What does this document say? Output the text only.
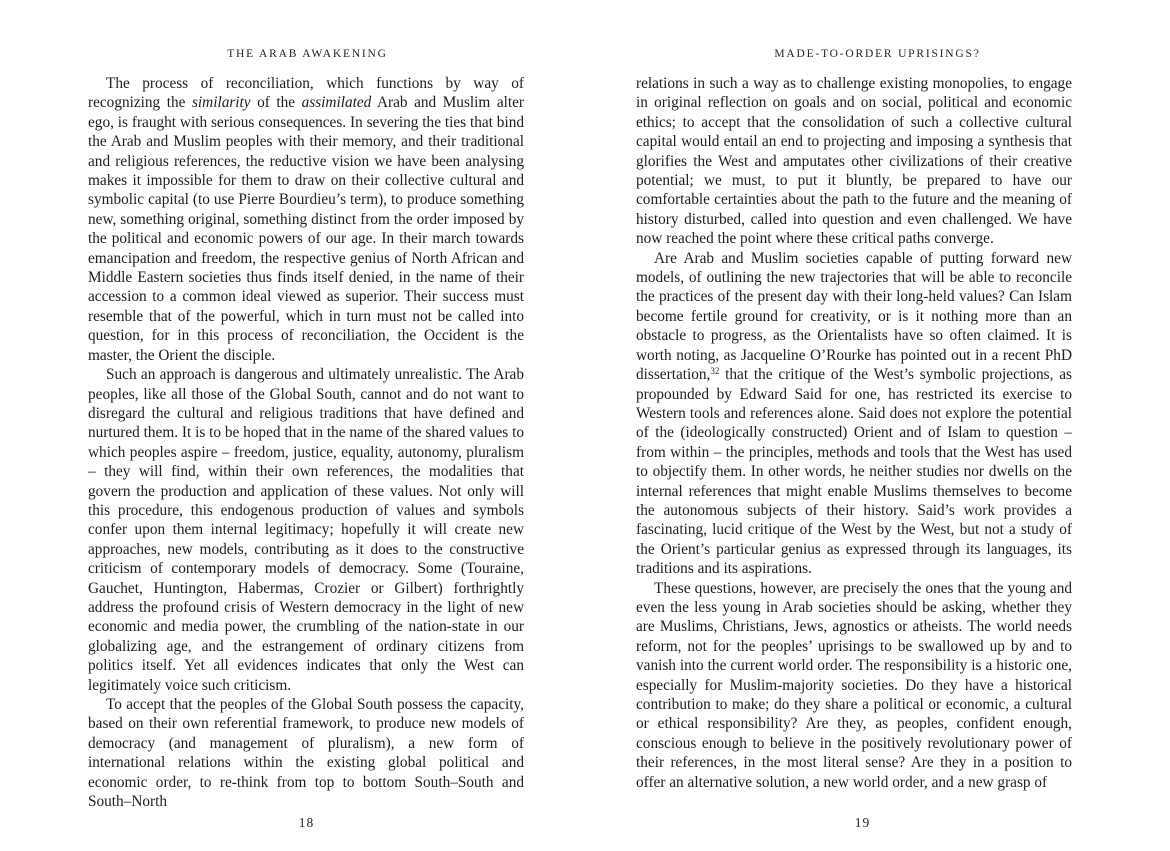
THE ARAB AWAKENING

The process of reconciliation, which functions by way of recognizing the similarity of the assimilated Arab and Muslim alter ego, is fraught with serious consequences. In severing the ties that bind the Arab and Muslim peoples with their memory, and their traditional and religious references, the reductive vision we have been analysing makes it impossible for them to draw on their collective cultural and symbolic capital (to use Pierre Bourdieu’s term), to produce something new, something original, something distinct from the order imposed by the political and economic powers of our age. In their march towards emancipation and freedom, the respective genius of North African and Middle Eastern societies thus finds itself denied, in the name of their accession to a common ideal viewed as superior. Their success must resemble that of the powerful, which in turn must not be called into question, for in this process of reconciliation, the Occident is the master, the Orient the disciple.

Such an approach is dangerous and ultimately unrealistic. The Arab peoples, like all those of the Global South, cannot and do not want to disregard the cultural and religious traditions that have defined and nurtured them. It is to be hoped that in the name of the shared values to which peoples aspire – freedom, justice, equality, autonomy, pluralism – they will find, within their own references, the modalities that govern the production and application of these values. Not only will this procedure, this endogenous production of values and symbols confer upon them internal legitimacy; hopefully it will create new approaches, new models, contributing as it does to the constructive criticism of contemporary models of democracy. Some (Touraine, Gauchet, Huntington, Habermas, Crozier or Gilbert) forthrightly address the profound crisis of Western democracy in the light of new economic and media power, the crumbling of the nation-state in our globalizing age, and the estrangement of ordinary citizens from politics itself. Yet all evidences indicates that only the West can legitimately voice such criticism.

To accept that the peoples of the Global South possess the capacity, based on their own referential framework, to produce new models of democracy (and management of pluralism), a new form of international relations within the existing global political and economic order, to re-think from top to bottom South–South and South–North

18
MADE-TO-ORDER UPRISINGS?

relations in such a way as to challenge existing monopolies, to engage in original reflection on goals and on social, political and economic ethics; to accept that the consolidation of such a collective cultural capital would entail an end to projecting and imposing a synthesis that glorifies the West and amputates other civilizations of their creative potential; we must, to put it bluntly, be prepared to have our comfortable certainties about the path to the future and the meaning of history disturbed, called into question and even challenged. We have now reached the point where these critical paths converge.

Are Arab and Muslim societies capable of putting forward new models, of outlining the new trajectories that will be able to reconcile the practices of the present day with their long-held values? Can Islam become fertile ground for creativity, or is it nothing more than an obstacle to progress, as the Orientalists have so often claimed. It is worth noting, as Jacqueline O’Rourke has pointed out in a recent PhD dissertation,$^{32}$ that the critique of the West’s symbolic projections, as propounded by Edward Said for one, has restricted its exercise to Western tools and references alone. Said does not explore the potential of the (ideologically constructed) Orient and of Islam to question – from within – the principles, methods and tools that the West has used to objectify them. In other words, he neither studies nor dwells on the internal references that might enable Muslims themselves to become the autonomous subjects of their history. Said’s work provides a fascinating, lucid critique of the West by the West, but not a study of the Orient’s particular genius as expressed through its languages, its traditions and its aspirations.

These questions, however, are precisely the ones that the young and even the less young in Arab societies should be asking, whether they are Muslims, Christians, Jews, agnostics or atheists. The world needs reform, not for the peoples’ uprisings to be swallowed up by and to vanish into the current world order. The responsibility is a historic one, especially for Muslim-majority societies. Do they have a historical contribution to make; do they share a political or economic, a cultural or ethical responsibility? Are they, as peoples, confident enough, conscious enough to believe in the positively revolutionary power of their references, in the most literal sense? Are they in a position to offer an alternative solution, a new world order, and a new grasp of

19
